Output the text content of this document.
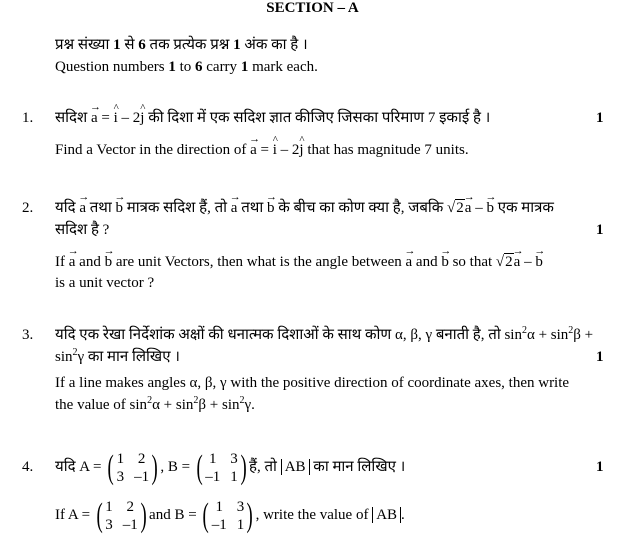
SECTION – A
प्रश्न संख्या 1 से 6 तक प्रत्येक प्रश्न 1 अंक का है ।
Question numbers 1 to 6 carry 1 mark each.
1.	1
सदिश → a = ^ i – 2^ j की दिशा में एक सदिश ज्ञात कीजिए जिसका परिमाण 7 इकाई है ।
Find a Vector in the direction of → a = ^ i – 2^ j that has magnitude 7 units.
2.
1
यदि → a तथा → b मात्रक सदिश हैं, तो → a तथा → b के बीच का कोण क्या है, जबकि √2→ a – → b एक मात्रक
सदिश है ?
If → a and → b are unit Vectors, then what is the angle between → a and → b so that √2→ a – → b
is a unit vector ?
3.
1
यदि एक रेखा निर्देशांक अक्षों की धनात्मक दिशाओं के साथ कोण α, β, γ बनाती है, तो $\sin^2\alpha + \sin^2\beta$ +
$\sin^2\gamma$ का मान लिखिए ।
If a line makes angles α, β, γ with the positive direction of coordinate axes, then write
the value of $\sin^2\alpha + \sin^2\beta + \sin^2\gamma$.
4.	1
यदि A = ( 1 2
3 –1 ) , B = ( 1 3
–1 1 ) हैं, तो AB का मान लिखिए ।
If A = ( 1 2
3 –1 ) and B = ( 1 3
–1 1 ) , write the value of AB .
